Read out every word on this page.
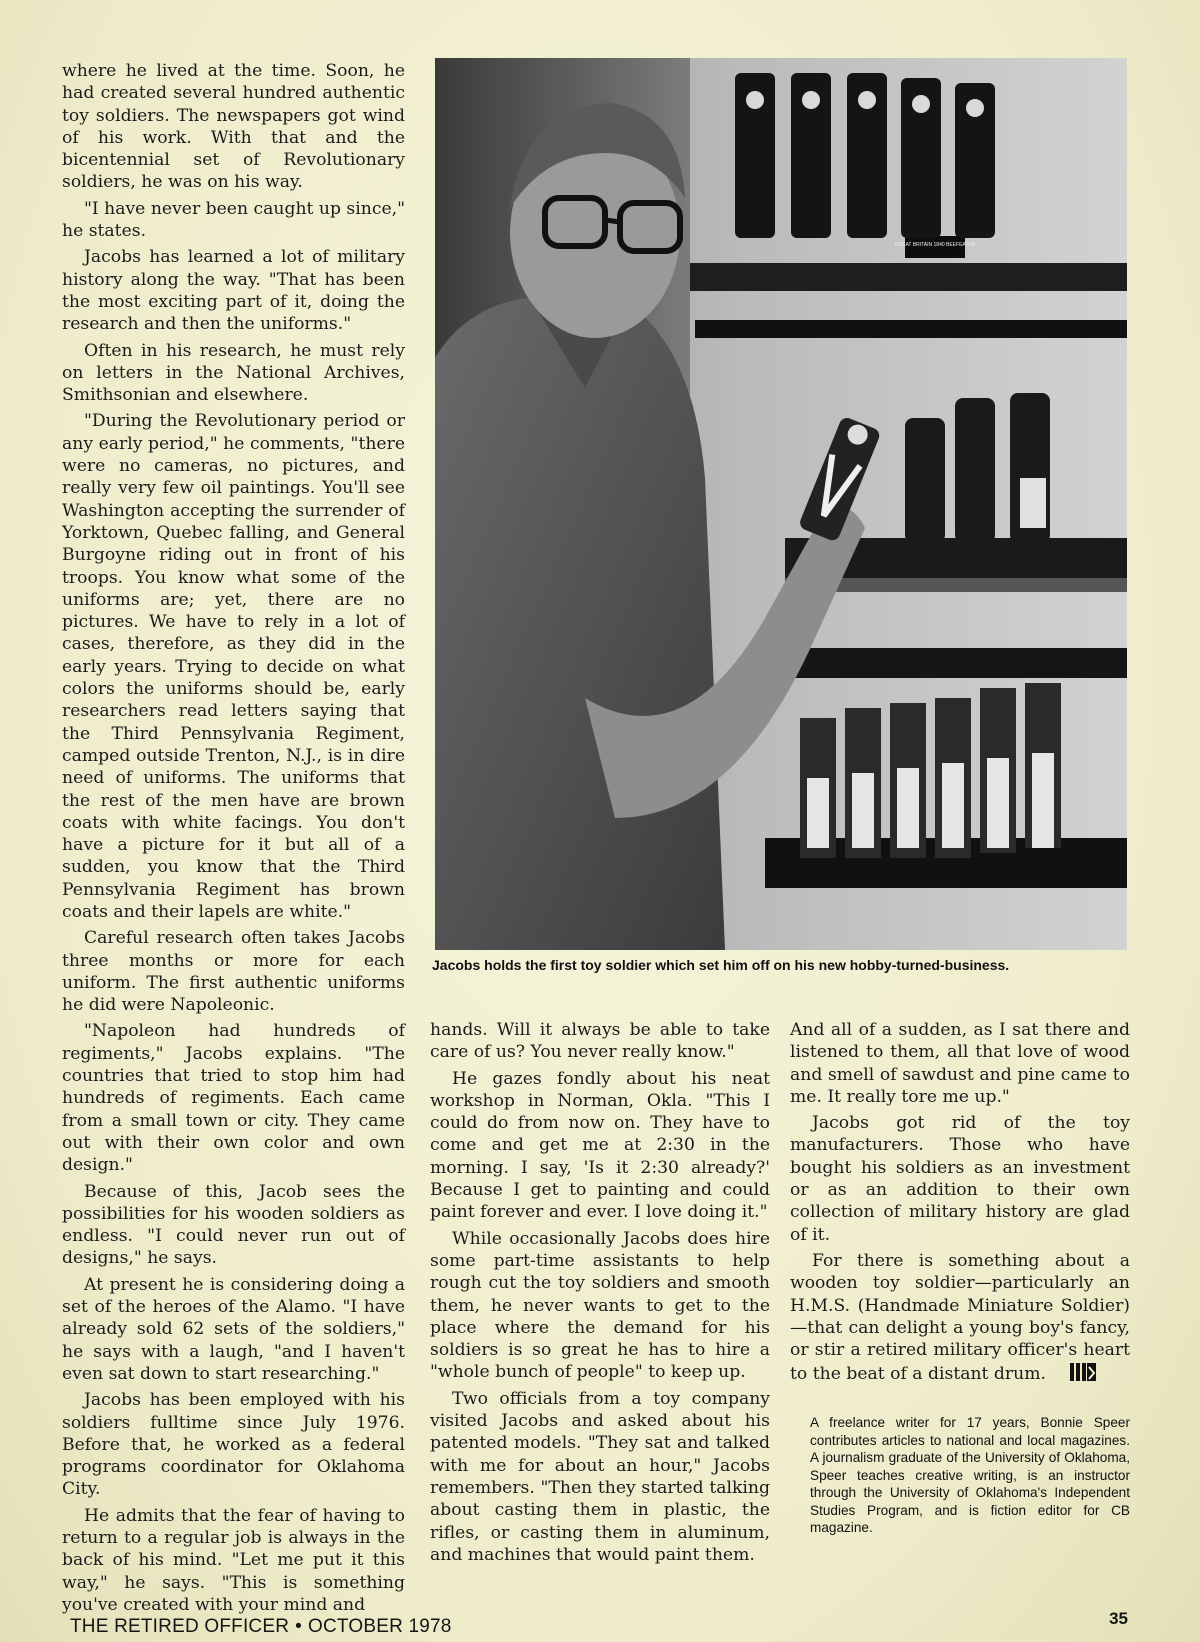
where he lived at the time. Soon, he had created several hundred authentic toy soldiers. The newspapers got wind of his work. With that and the bicentennial set of Revolutionary soldiers, he was on his way.

"I have never been caught up since," he states.

Jacobs has learned a lot of military history along the way. "That has been the most exciting part of it, doing the research and then the uniforms."

Often in his research, he must rely on letters in the National Archives, Smithsonian and elsewhere.

"During the Revolutionary period or any early period," he comments, "there were no cameras, no pictures, and really very few oil paintings. You'll see Washington accepting the surrender of Yorktown, Quebec falling, and General Burgoyne riding out in front of his troops. You know what some of the uniforms are; yet, there are no pictures. We have to rely in a lot of cases, therefore, as they did in the early years. Trying to decide on what colors the uniforms should be, early researchers read letters saying that the Third Pennsylvania Regiment, camped outside Trenton, N.J., is in dire need of uniforms. The uniforms that the rest of the men have are brown coats with white facings. You don't have a picture for it but all of a sudden, you know that the Third Pennsylvania Regiment has brown coats and their lapels are white."

Careful research often takes Jacobs three months or more for each uniform. The first authentic uniforms he did were Napoleonic.

"Napoleon had hundreds of regiments," Jacobs explains. "The countries that tried to stop him had hundreds of regiments. Each came from a small town or city. They came out with their own color and own design."

Because of this, Jacob sees the possibilities for his wooden soldiers as endless. "I could never run out of designs," he says.

At present he is considering doing a set of the heroes of the Alamo. "I have already sold 62 sets of the soldiers," he says with a laugh, "and I haven't even sat down to start researching."

Jacobs has been employed with his soldiers fulltime since July 1976. Before that, he worked as a federal programs coordinator for Oklahoma City.

He admits that the fear of having to return to a regular job is always in the back of his mind. "Let me put it this way," he says. "This is something you've created with your mind and

GREAT BRITAIN 1840 BEEFEATER
Jacobs holds the first toy soldier which set him off on his new hobby-turned-business.

hands. Will it always be able to take care of us? You never really know."

He gazes fondly about his neat workshop in Norman, Okla. "This I could do from now on. They have to come and get me at 2:30 in the morning. I say, 'Is it 2:30 already?' Because I get to painting and could paint forever and ever. I love doing it."

While occasionally Jacobs does hire some part-time assistants to help rough cut the toy soldiers and smooth them, he never wants to get to the place where the demand for his soldiers is so great he has to hire a "whole bunch of people" to keep up.

Two officials from a toy company visited Jacobs and asked about his patented models. "They sat and talked with me for about an hour," Jacobs remembers. "Then they started talking about casting them in plastic, the rifles, or casting them in aluminum, and machines that would paint them.

And all of a sudden, as I sat there and listened to them, all that love of wood and smell of sawdust and pine came to me. It really tore me up."

Jacobs got rid of the toy manufacturers. Those who have bought his soldiers as an investment or as an addition to their own collection of military history are glad of it.

For there is something about a wooden toy soldier—particularly an H.M.S. (Handmade Miniature Soldier)—that can delight a young boy's fancy, or stir a retired military officer's heart to the beat of a distant drum.

A freelance writer for 17 years, Bonnie Speer contributes articles to national and local magazines. A journalism graduate of the University of Oklahoma, Speer teaches creative writing, is an instructor through the University of Oklahoma's Independent Studies Program, and is fiction editor for CB magazine.

THE RETIRED OFFICER • OCTOBER 1978	35
